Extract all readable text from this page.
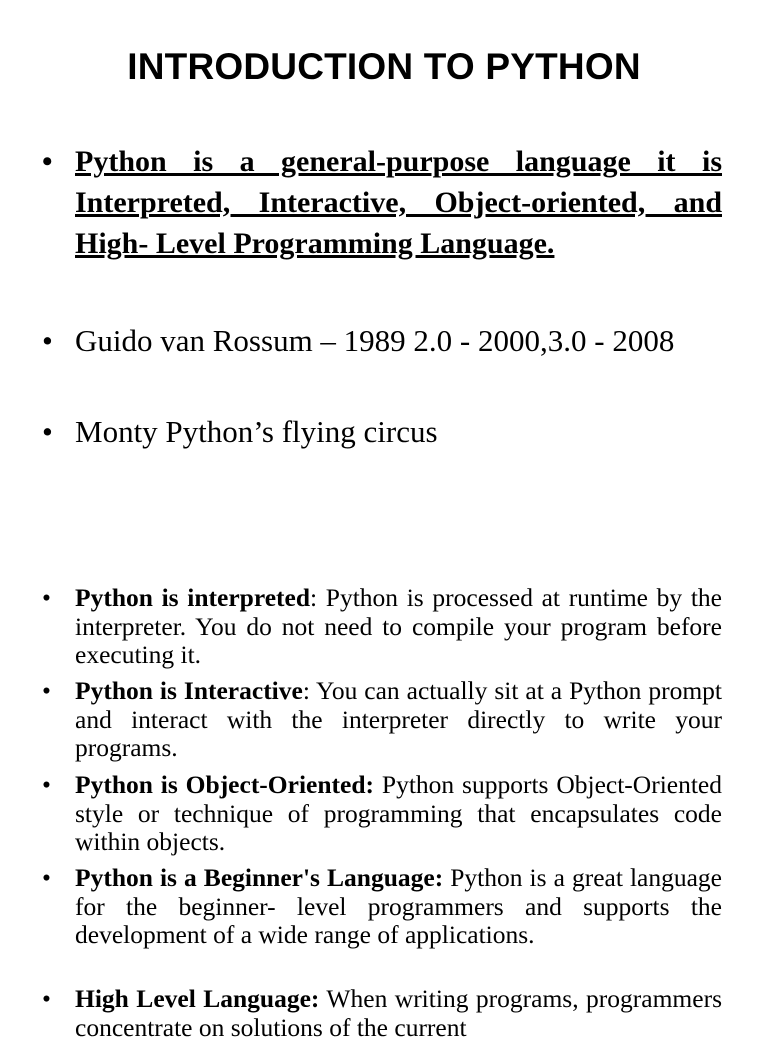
INTRODUCTION TO PYTHON
• Python is a general-purpose language it is Interpreted, Interactive, Object-oriented, and High- Level Programming Language.
• Guido van Rossum – 1989 2.0 - 2000,3.0 - 2008
• Monty Python’s flying circus
• Python is interpreted: Python is processed at runtime by the interpreter. You do not need to compile your program before executing it.
• Python is Interactive: You can actually sit at a Python prompt and interact with the interpreter directly to write your programs.
• Python is Object-Oriented: Python supports Object-Oriented style or technique of programming that encapsulates code within objects.
• Python is a Beginner's Language: Python is a great language for the beginner- level programmers and supports the development of a wide range of applications.
• High Level Language: When writing programs, programmers concentrate on solutions of the current
